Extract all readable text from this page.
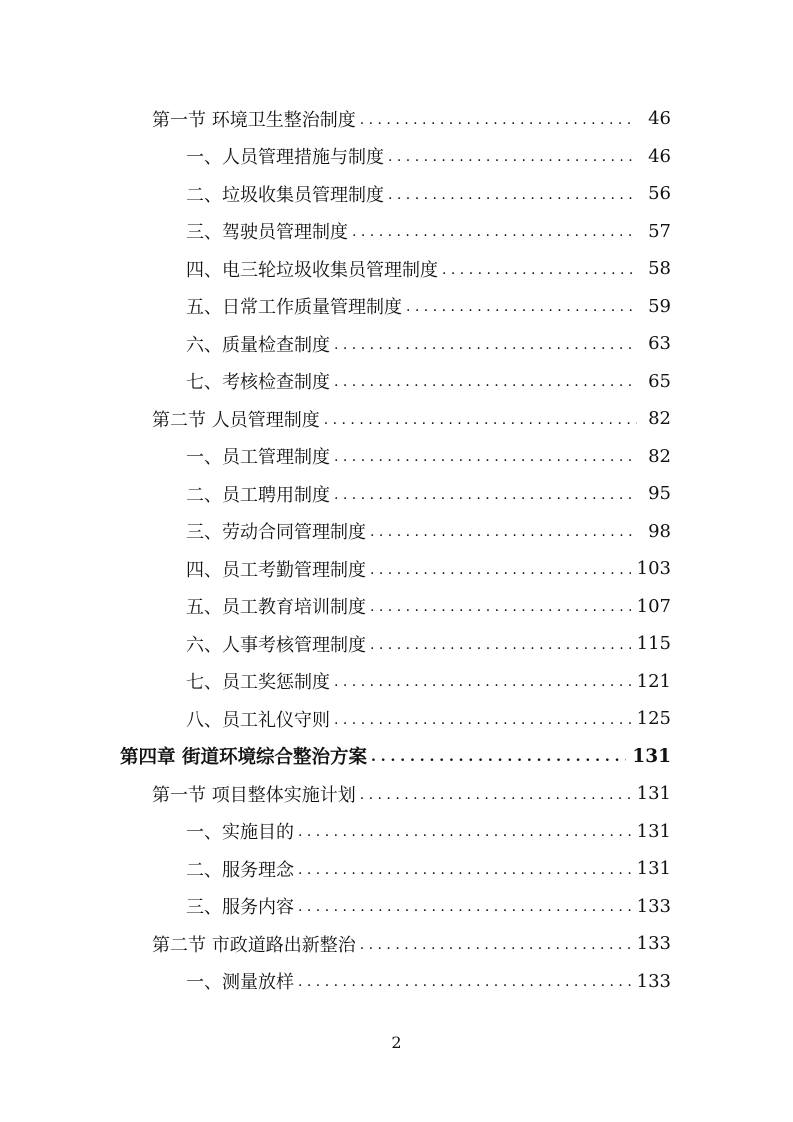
第一节 环境卫生整治制度 . . .	46
一、人员管理措施与制度 . . .	46
二、垃圾收集员管理制度 . . .	56
三、驾驶员管理制度 . . .	57
四、电三轮垃圾收集员管理制度 . . .	58
五、日常工作质量管理制度 . . .	59
六、质量检查制度 . . .	63
七、考核检查制度 . . .	65
第二节 人员管理制度 . . .	82
一、员工管理制度 . . .	82
二、员工聘用制度 . . .	95
三、劳动合同管理制度 . . .	98
四、员工考勤管理制度 . . .	103
五、员工教育培训制度 . . .	107
六、人事考核管理制度 . . .	115
七、员工奖惩制度 . . .	121
八、员工礼仪守则 . . .	125
第四章 街道环境综合整治方案 . . .	131
第一节 项目整体实施计划 . . .	131
一、实施目的 . . .	131
二、服务理念 . . .	131
三、服务内容 . . .	133
第二节 市政道路出新整治 . . .	133
一、测量放样 . . .	133
2
